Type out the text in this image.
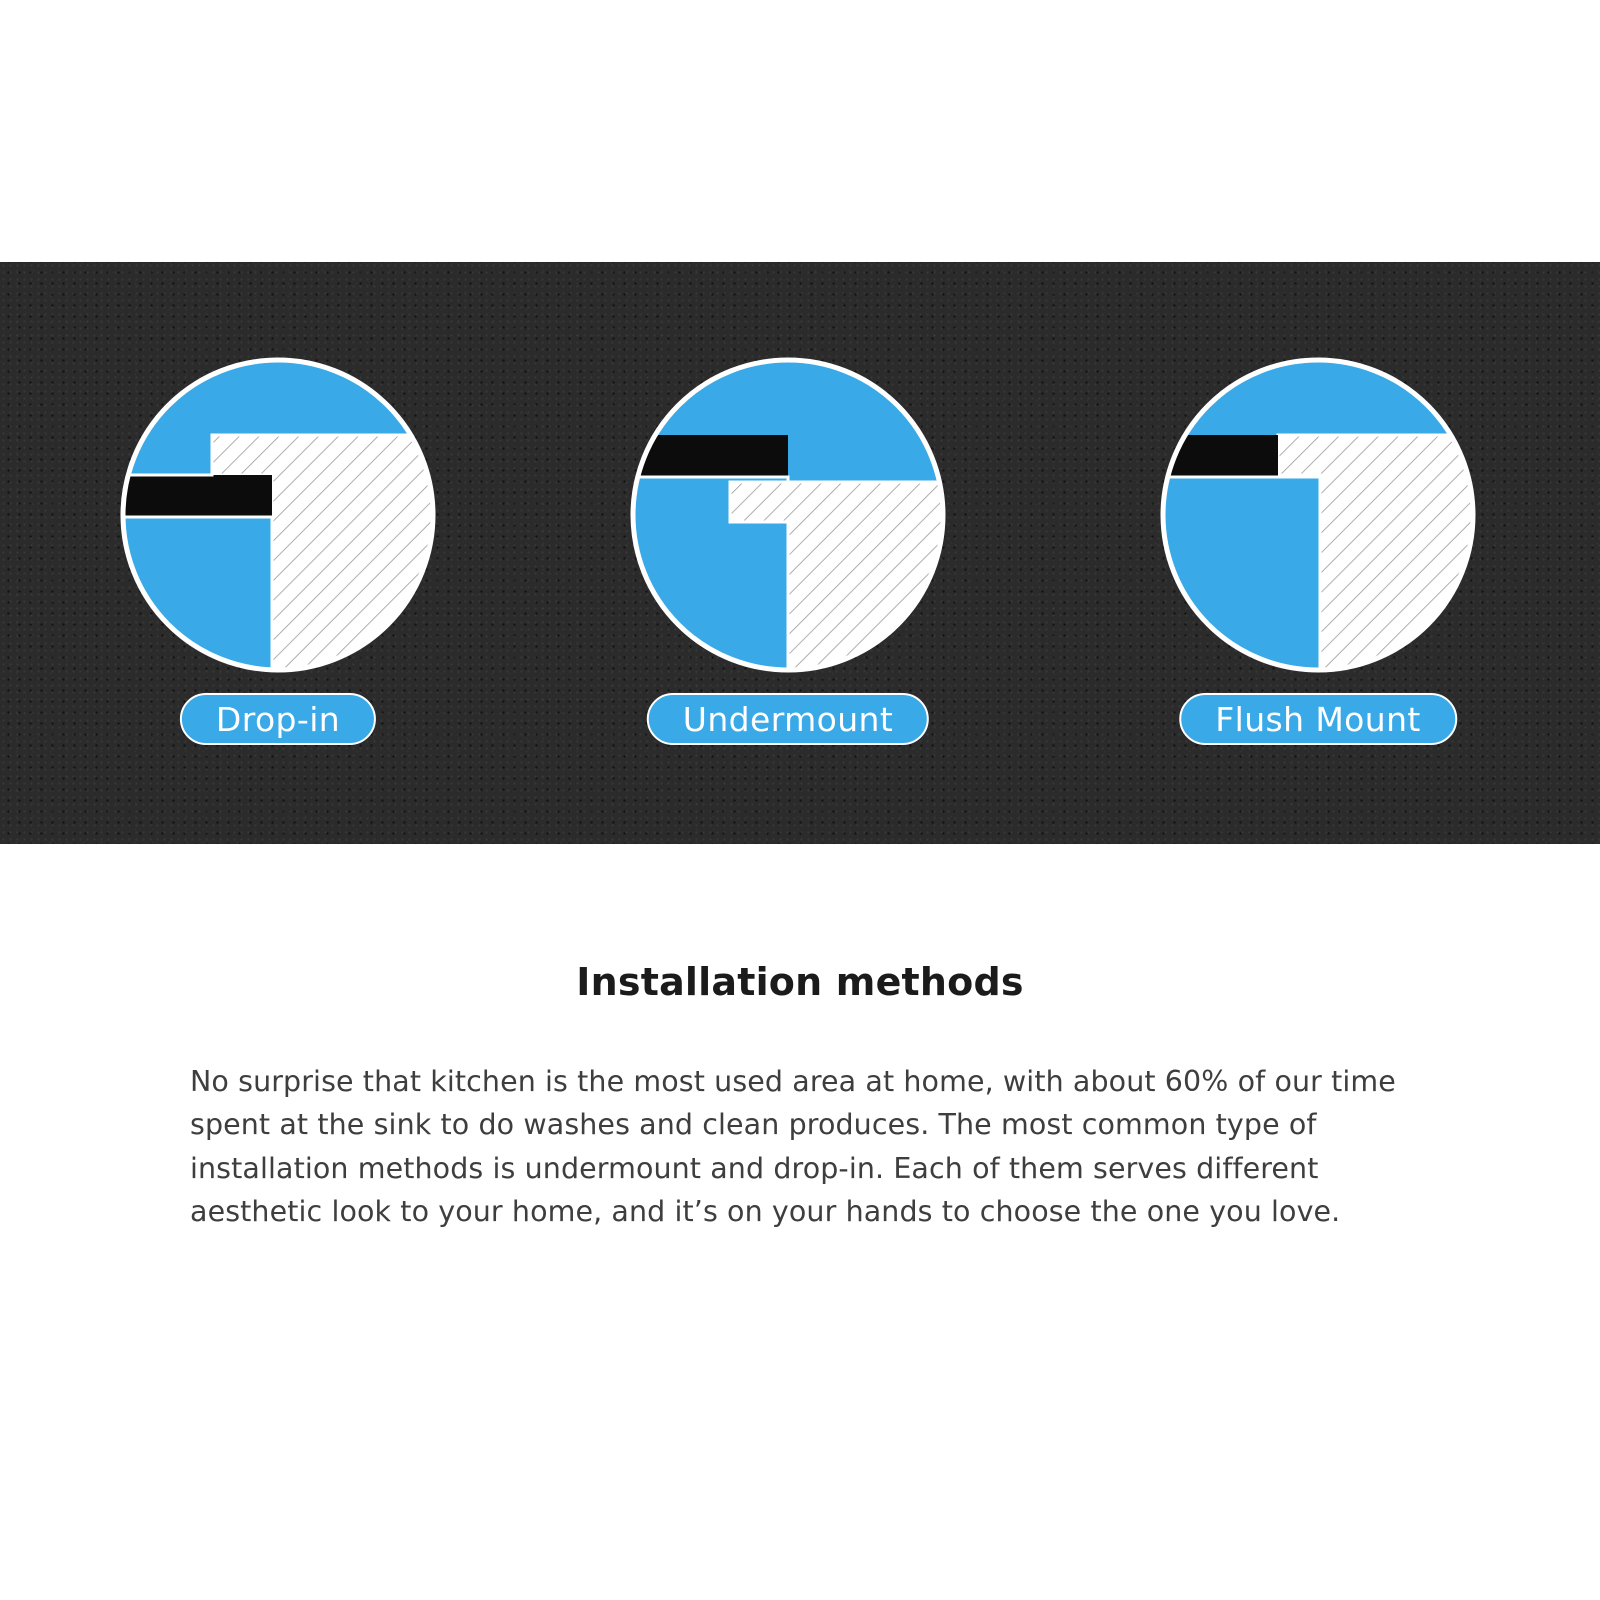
Drop-in	Undermount	Flush Mount
Installation methods
No surprise that kitchen is the most used area at home, with about 60% of our time spent at the sink to do washes and clean produces. The most common type of installation methods is undermount and drop-in. Each of them serves different aesthetic look to your home, and it’s on your hands to choose the one you love.
